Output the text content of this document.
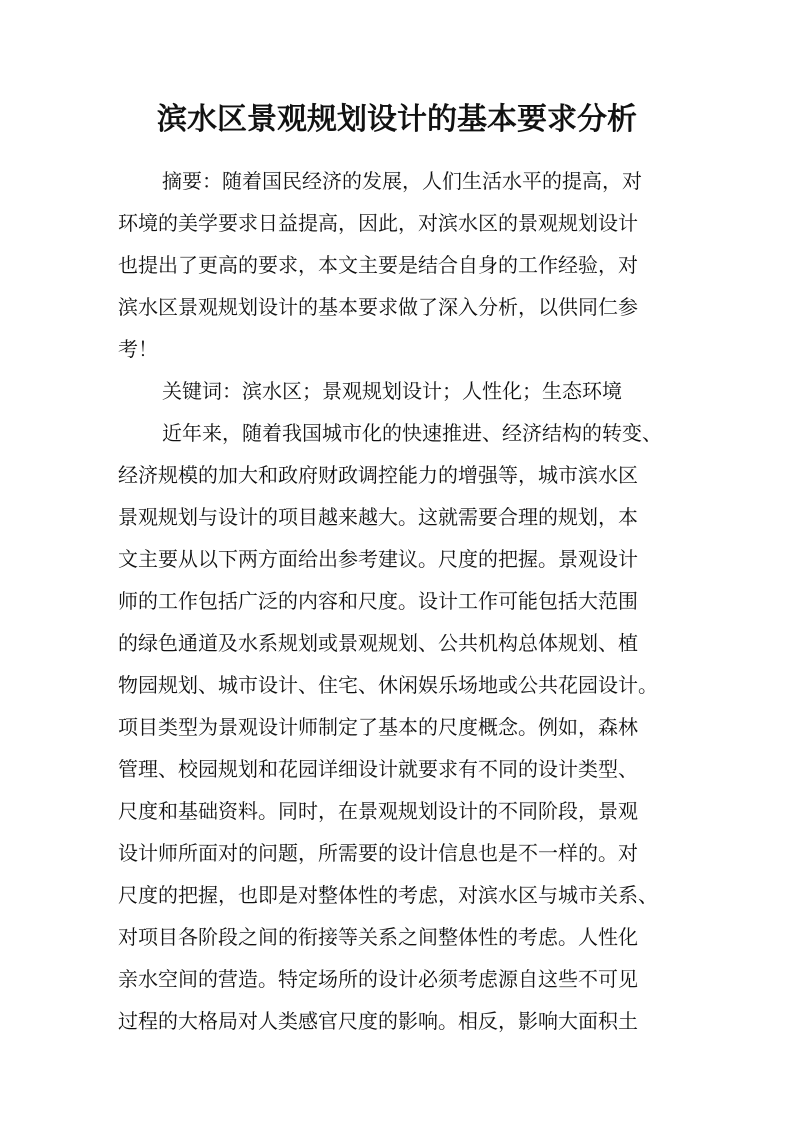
滨水区景观规划设计的基本要求分析
摘要：随着国民经济的发展，人们生活水平的提高，对
环境的美学要求日益提高，因此，对滨水区的景观规划设计
也提出了更高的要求，本文主要是结合自身的工作经验，对
滨水区景观规划设计的基本要求做了深入分析，以供同仁参
考！
关键词：滨水区；景观规划设计；人性化；生态环境
近年来，随着我国城市化的快速推进、经济结构的转变、
经济规模的加大和政府财政调控能力的增强等，城市滨水区
景观规划与设计的项目越来越大。这就需要合理的规划，本
文主要从以下两方面给出参考建议。尺度的把握。景观设计
师的工作包括广泛的内容和尺度。设计工作可能包括大范围
的绿色通道及水系规划或景观规划、公共机构总体规划、植
物园规划、城市设计、住宅、休闲娱乐场地或公共花园设计。
项目类型为景观设计师制定了基本的尺度概念。例如，森林
管理、校园规划和花园详细设计就要求有不同的设计类型、
尺度和基础资料。同时，在景观规划设计的不同阶段，景观
设计师所面对的问题，所需要的设计信息也是不一样的。对
尺度的把握，也即是对整体性的考虑，对滨水区与城市关系、
对项目各阶段之间的衔接等关系之间整体性的考虑。人性化
亲水空间的营造。特定场所的设计必须考虑源自这些不可见
过程的大格局对人类感官尺度的影响。相反，影响大面积土
